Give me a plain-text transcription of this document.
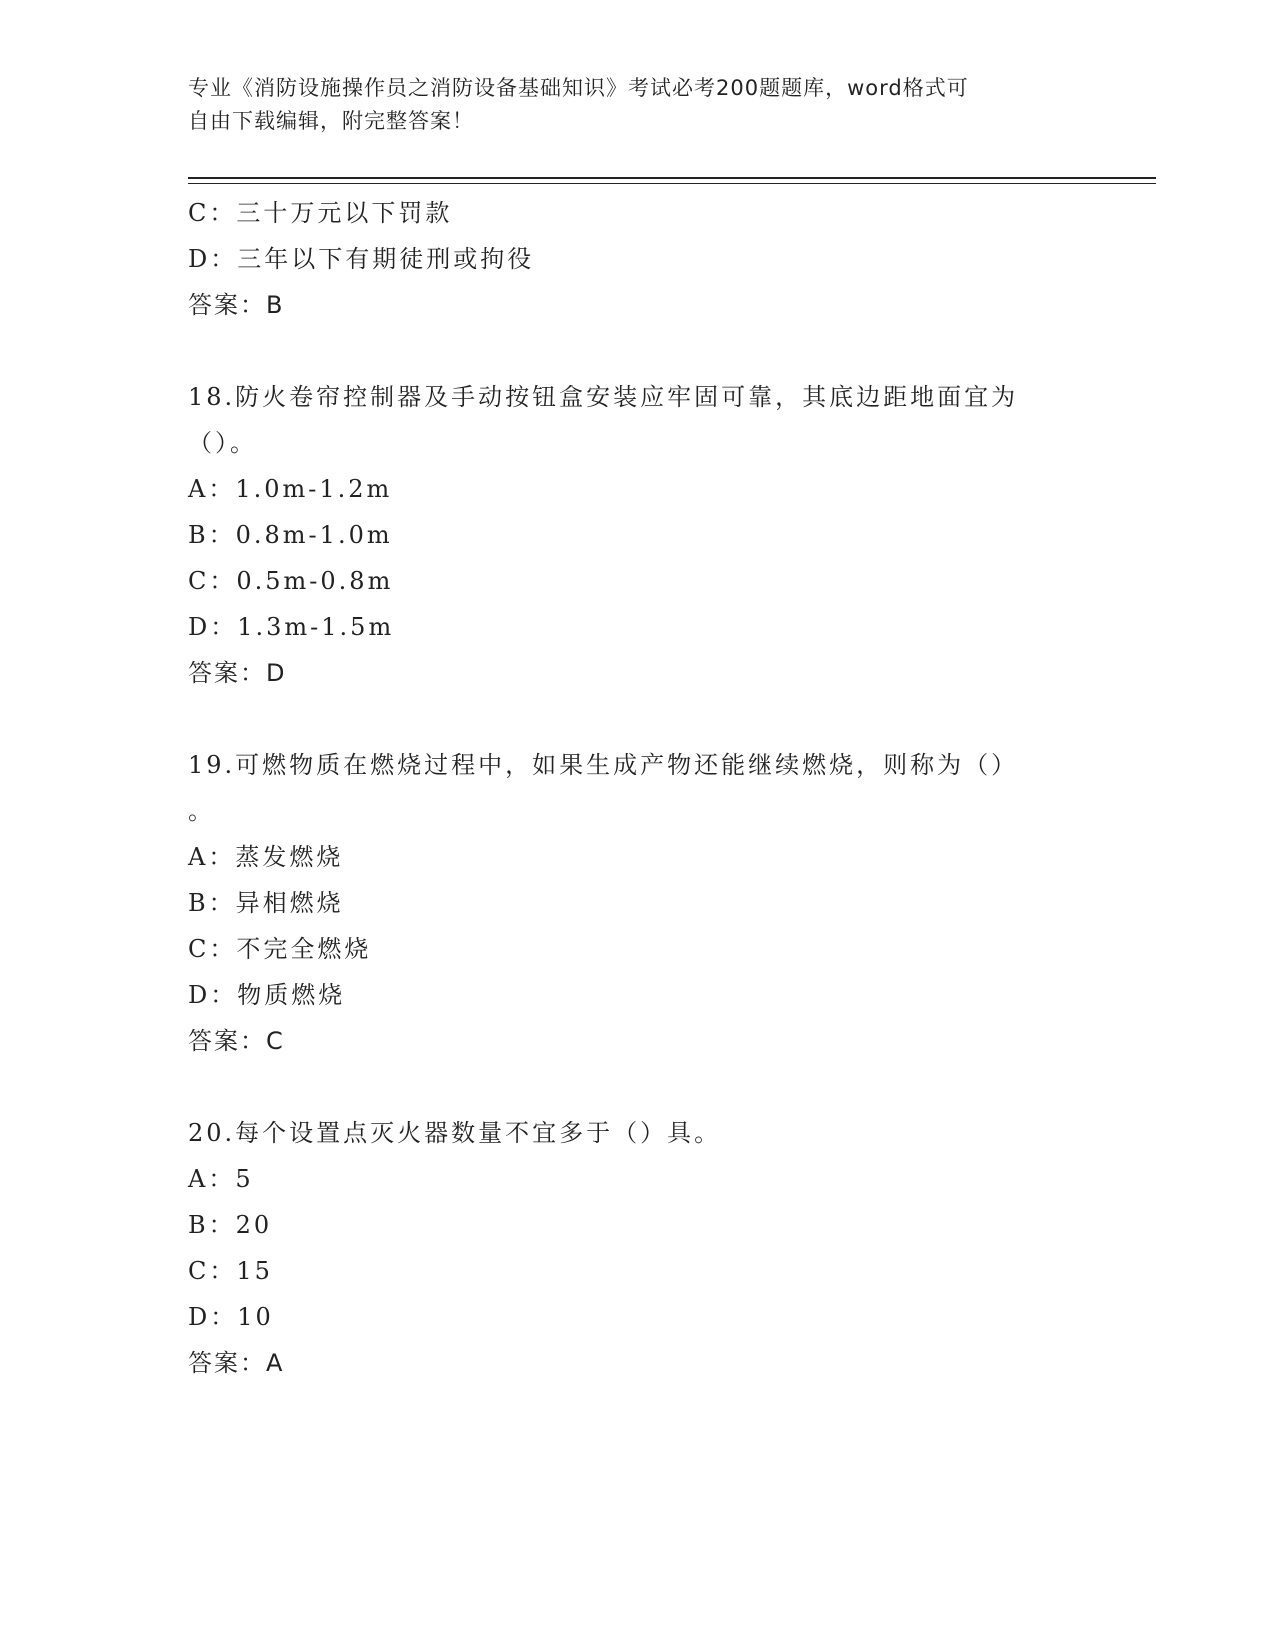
专业《消防设施操作员之消防设备基础知识》考试必考200题题库，word格式可
自由下载编辑，附完整答案！
C：三十万元以下罚款
D：三年以下有期徒刑或拘役
答案：B
18.防火卷帘控制器及手动按钮盒安装应牢固可靠，其底边距地面宜为
（）。
A：1.0m-1.2m
B：0.8m-1.0m
C：0.5m-0.8m
D：1.3m-1.5m
答案：D
19.可燃物质在燃烧过程中，如果生成产物还能继续燃烧，则称为（）
。
A：蒸发燃烧
B：异相燃烧
C：不完全燃烧
D：物质燃烧
答案：C
20.每个设置点灭火器数量不宜多于（）具。
A：5
B：20
C：15
D：10
答案：A
